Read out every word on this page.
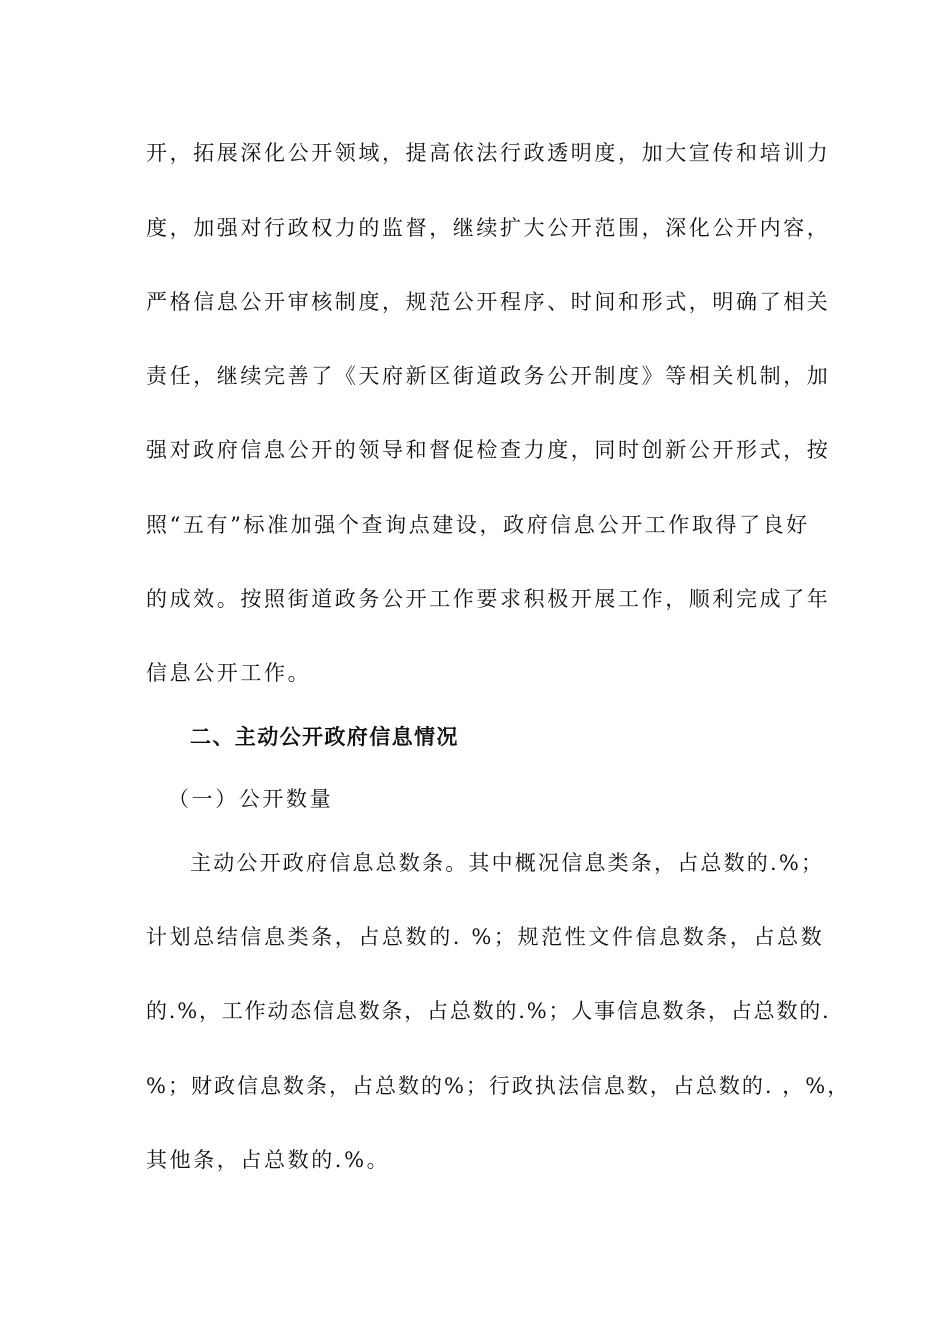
开，拓展深化公开领域，提高依法行政透明度，加大宣传和培训力
度，加强对行政权力的监督，继续扩大公开范围，深化公开内容，
严格信息公开审核制度，规范公开程序、时间和形式，明确了相关
责任，继续完善了《天府新区街道政务公开制度》等相关机制，加
强对政府信息公开的领导和督促检查力度，同时创新公开形式，按
照“五有”标准加强个查询点建设，政府信息公开工作取得了良好
的成效。按照街道政务公开工作要求积极开展工作，顺利完成了年
信息公开工作。
二、主动公开政府信息情况
（一）公开数量
主动公开政府信息总数条。其中概况信息类条，占总数的.%；
计划总结信息类条，占总数的. %；规范性文件信息数条，占总数
的.%，工作动态信息数条，占总数的.%；人事信息数条，占总数的.
%；财政信息数条，占总数的%；行政执法信息数，占总数的. ，%，
其他条，占总数的.%。
